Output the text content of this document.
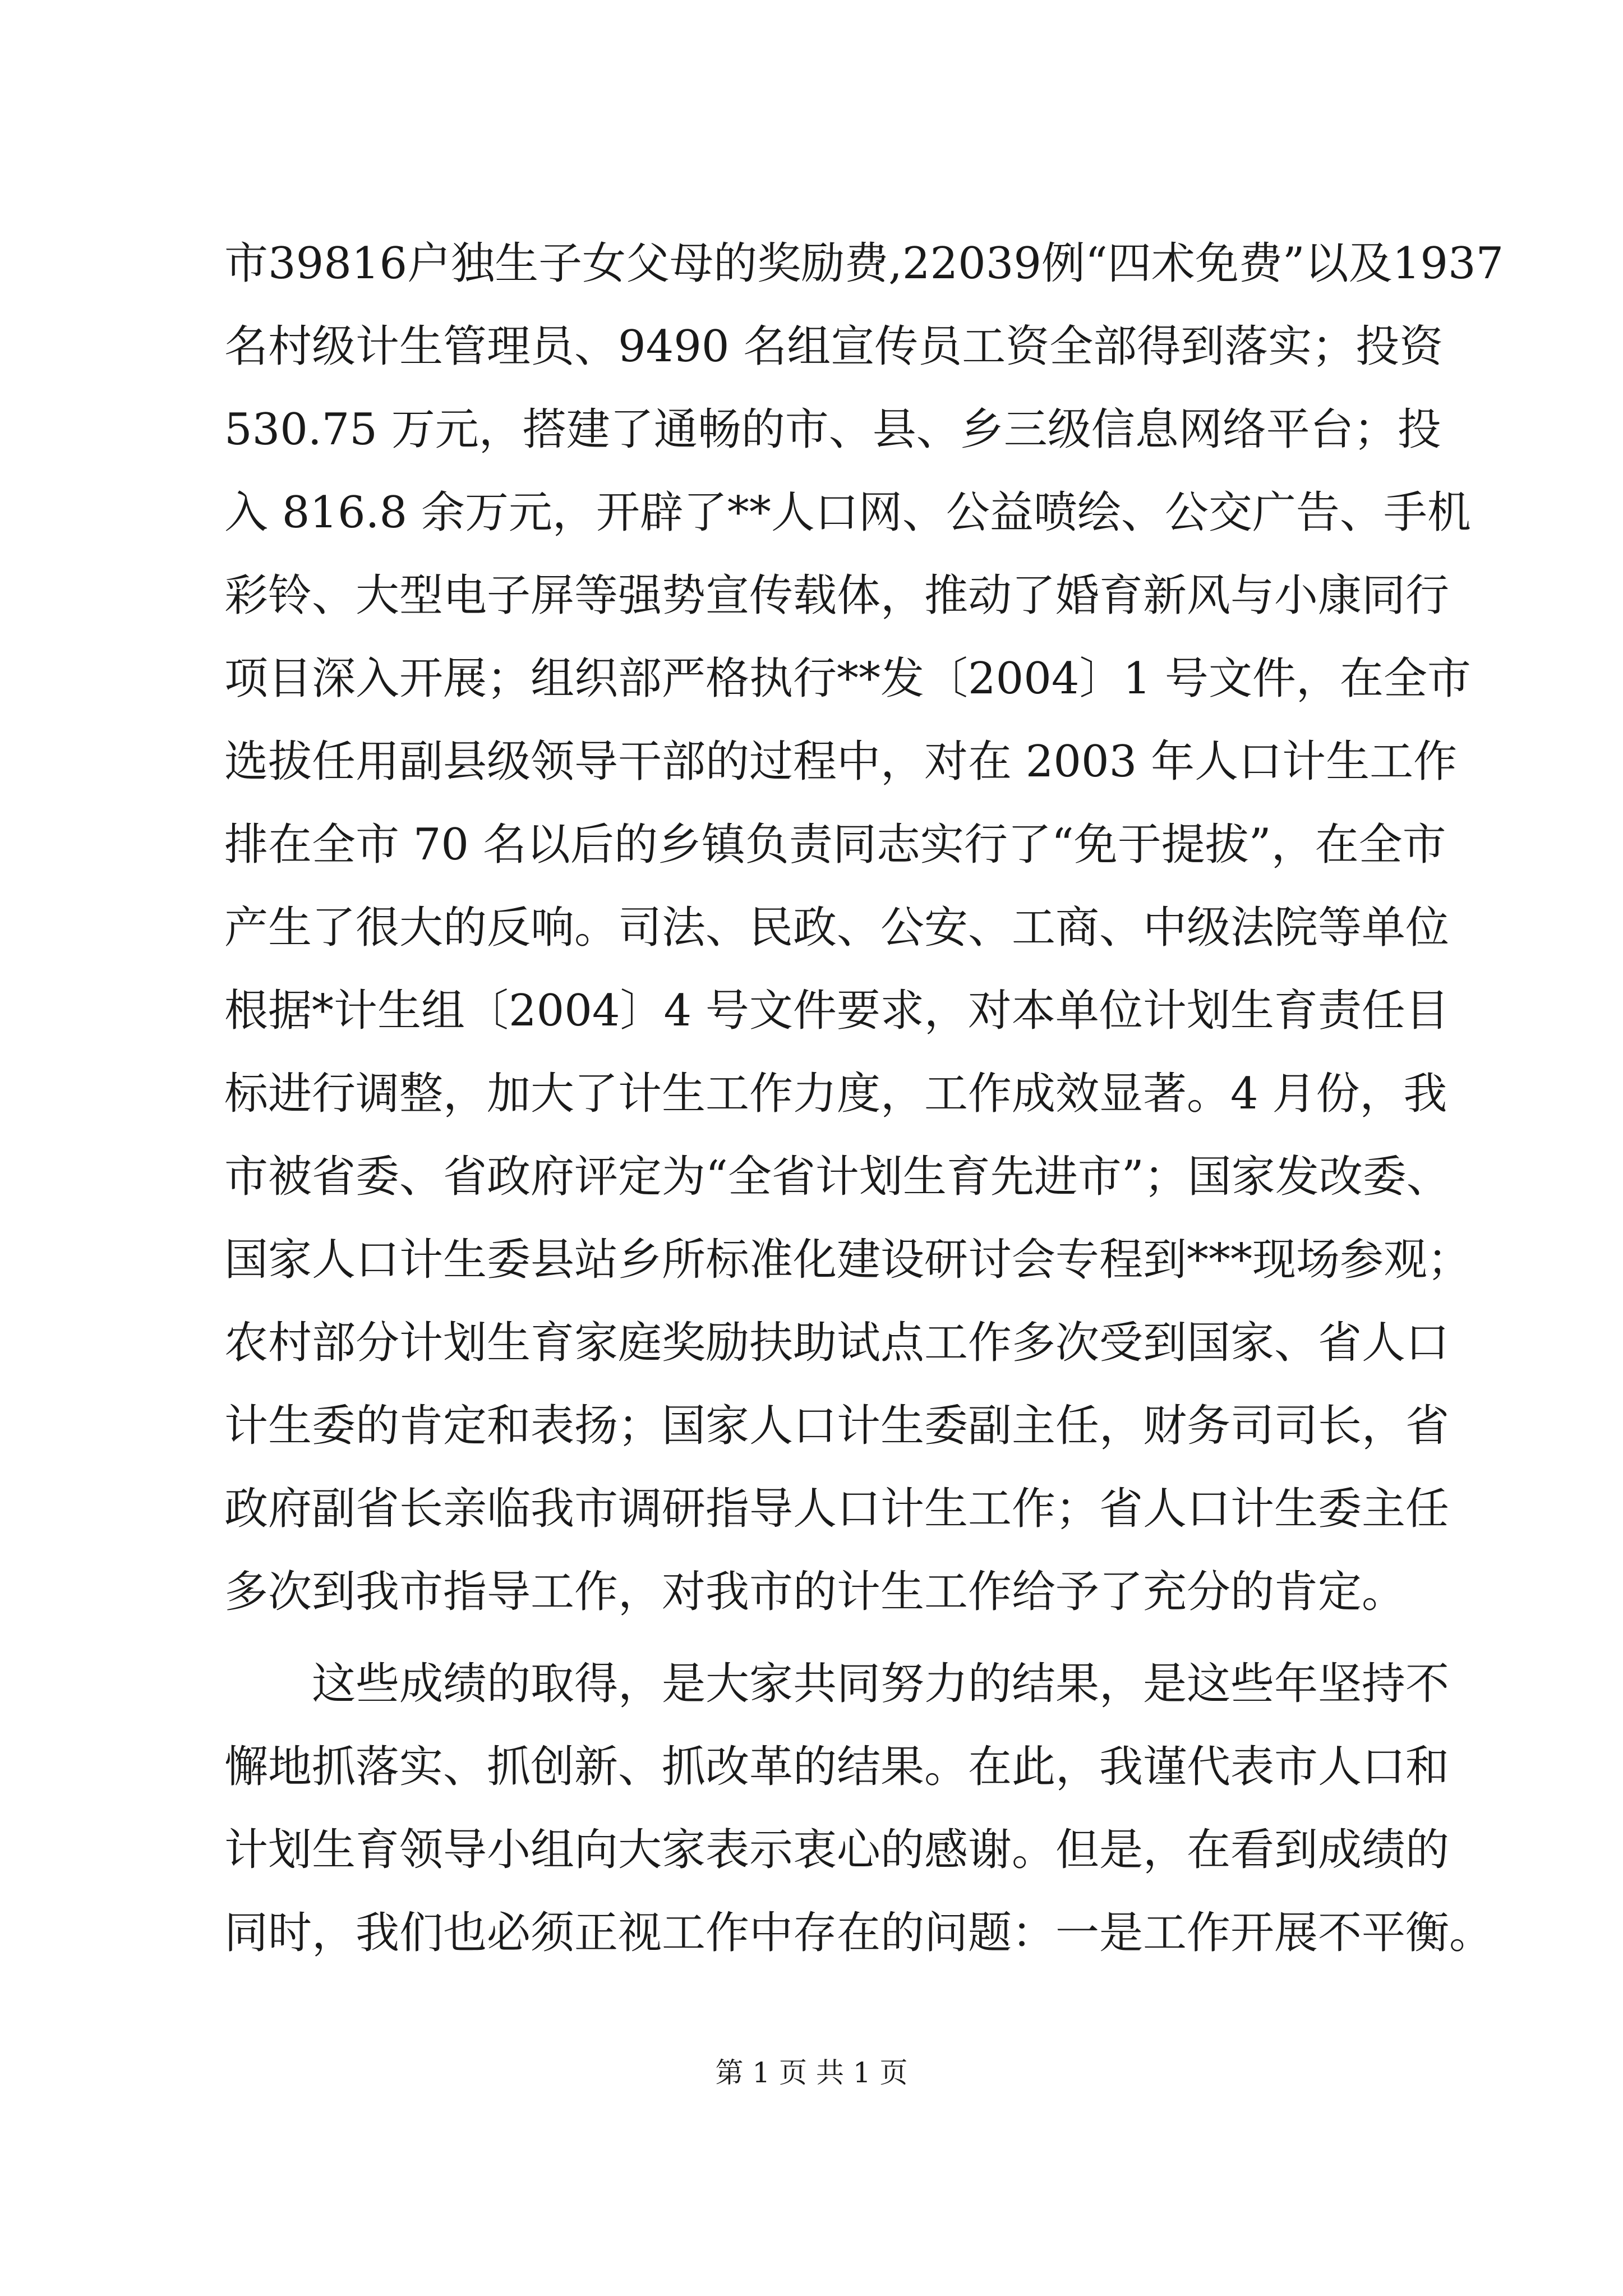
市39816户独生子女父母的奖励费,22039例“四术免费”以及1937
名村级计生管理员、9490 名组宣传员工资全部得到落实；投资
530.75 万元，搭建了通畅的市、县、乡三级信息网络平台；投
入 816.8 余万元，开辟了**人口网、公益喷绘、公交广告、手机
彩铃、大型电子屏等强势宣传载体，推动了婚育新风与小康同行
项目深入开展；组织部严格执行**发〔2004〕1 号文件，在全市
选拔任用副县级领导干部的过程中，对在 2003 年人口计生工作
排在全市 70 名以后的乡镇负责同志实行了“免于提拔”，在全市
产生了很大的反响。司法、民政、公安、工商、中级法院等单位
根据*计生组〔2004〕4 号文件要求，对本单位计划生育责任目
标进行调整，加大了计生工作力度，工作成效显著。4 月份，我
市被省委、省政府评定为“全省计划生育先进市”；国家发改委、
国家人口计生委县站乡所标准化建设研讨会专程到***现场参观；
农村部分计划生育家庭奖励扶助试点工作多次受到国家、省人口
计生委的肯定和表扬；国家人口计生委副主任，财务司司长，省
政府副省长亲临我市调研指导人口计生工作；省人口计生委主任
多次到我市指导工作，对我市的计生工作给予了充分的肯定。
　　这些成绩的取得，是大家共同努力的结果，是这些年坚持不
懈地抓落实、抓创新、抓改革的结果。在此，我谨代表市人口和
计划生育领导小组向大家表示衷心的感谢。但是，在看到成绩的
同时，我们也必须正视工作中存在的问题：一是工作开展不平衡。
第 1 页 共 1 页
